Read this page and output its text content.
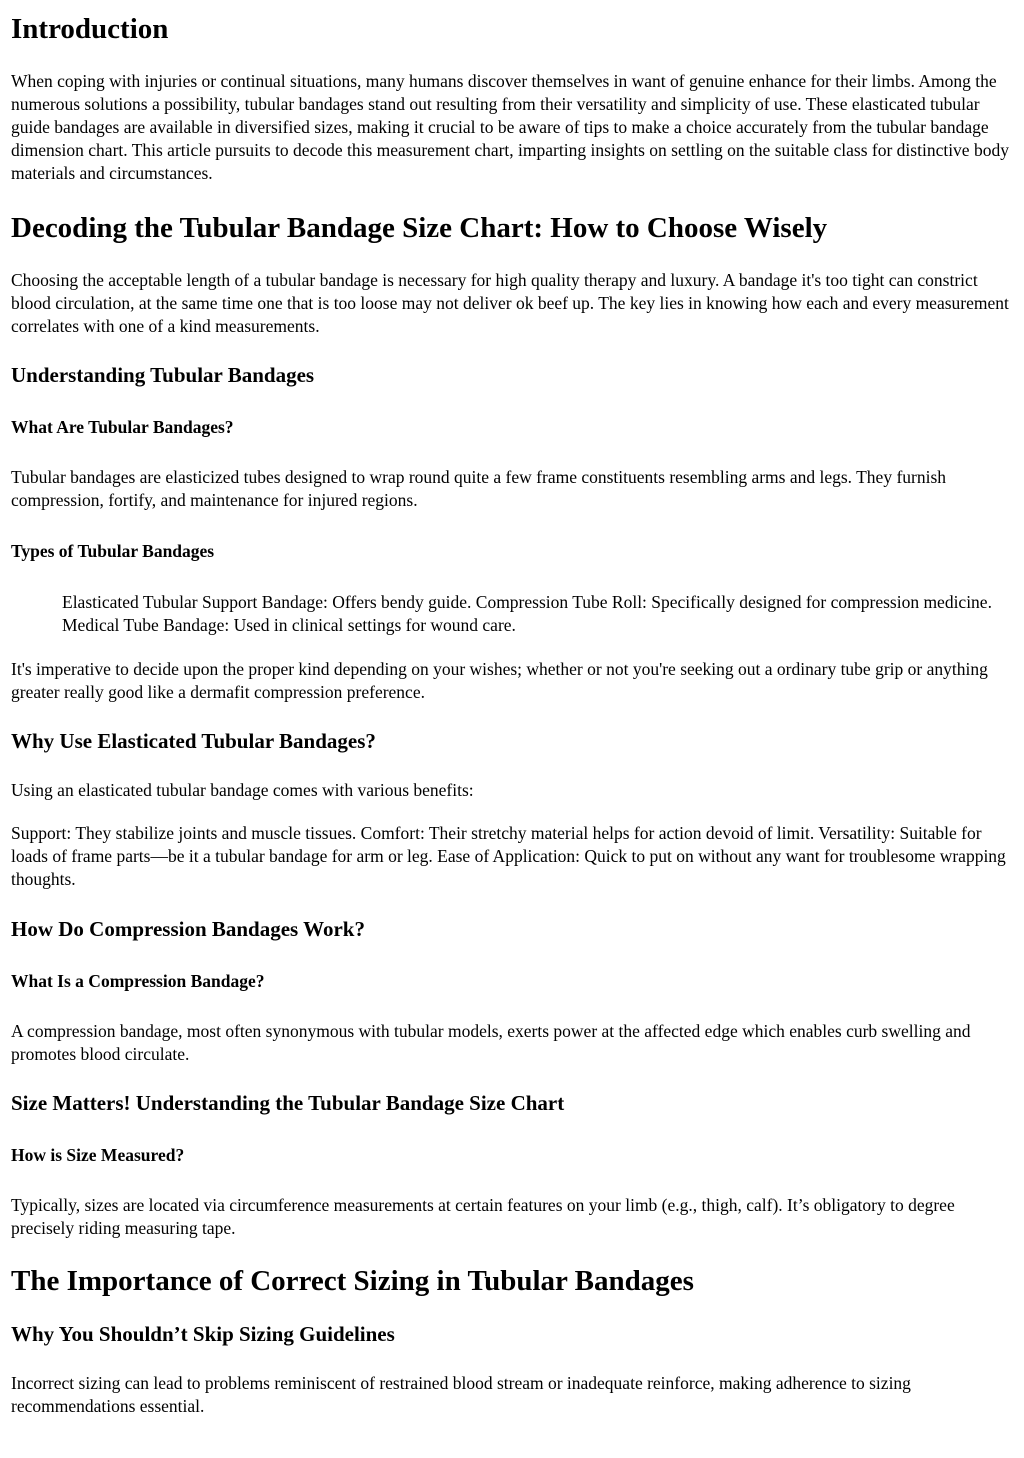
Introduction

When coping with injuries or continual situations, many humans discover themselves in want of genuine enhance for their limbs. Among the numerous solutions a possibility, tubular bandages stand out resulting from their versatility and simplicity of use. These elasticated tubular guide bandages are available in diversified sizes, making it crucial to be aware of tips to make a choice accurately from the tubular bandage dimension chart. This article pursuits to decode this measurement chart, imparting insights on settling on the suitable class for distinctive body materials and circumstances.

Decoding the Tubular Bandage Size Chart: How to Choose Wisely

Choosing the acceptable length of a tubular bandage is necessary for high quality therapy and luxury. A bandage it's too tight can constrict blood circulation, at the same time one that is too loose may not deliver ok beef up. The key lies in knowing how each and every measurement correlates with one of a kind measurements.

Understanding Tubular Bandages
What Are Tubular Bandages?

Tubular bandages are elasticized tubes designed to wrap round quite a few frame constituents resembling arms and legs. They furnish compression, fortify, and maintenance for injured regions.

Types of Tubular Bandages
Elasticated Tubular Support Bandage: Offers bendy guide. Compression Tube Roll: Specifically designed for compression medicine. Medical Tube Bandage: Used in clinical settings for wound care.

It's imperative to decide upon the proper kind depending on your wishes; whether or not you're seeking out a ordinary tube grip or anything greater really good like a dermafit compression preference.

Why Use Elasticated Tubular Bandages?

Using an elasticated tubular bandage comes with various benefits:

Support: They stabilize joints and muscle tissues. Comfort: Their stretchy material helps for action devoid of limit. Versatility: Suitable for loads of frame parts—be it a tubular bandage for arm or leg. Ease of Application: Quick to put on without any want for troublesome wrapping thoughts.

How Do Compression Bandages Work?
What Is a Compression Bandage?

A compression bandage, most often synonymous with tubular models, exerts power at the affected edge which enables curb swelling and promotes blood circulate.

Size Matters! Understanding the Tubular Bandage Size Chart
How is Size Measured?

Typically, sizes are located via circumference measurements at certain features on your limb (e.g., thigh, calf). It’s obligatory to degree precisely riding measuring tape.

The Importance of Correct Sizing in Tubular Bandages
Why You Shouldn’t Skip Sizing Guidelines

Incorrect sizing can lead to problems reminiscent of restrained blood stream or inadequate reinforce, making adherence to sizing recommendations essential.
